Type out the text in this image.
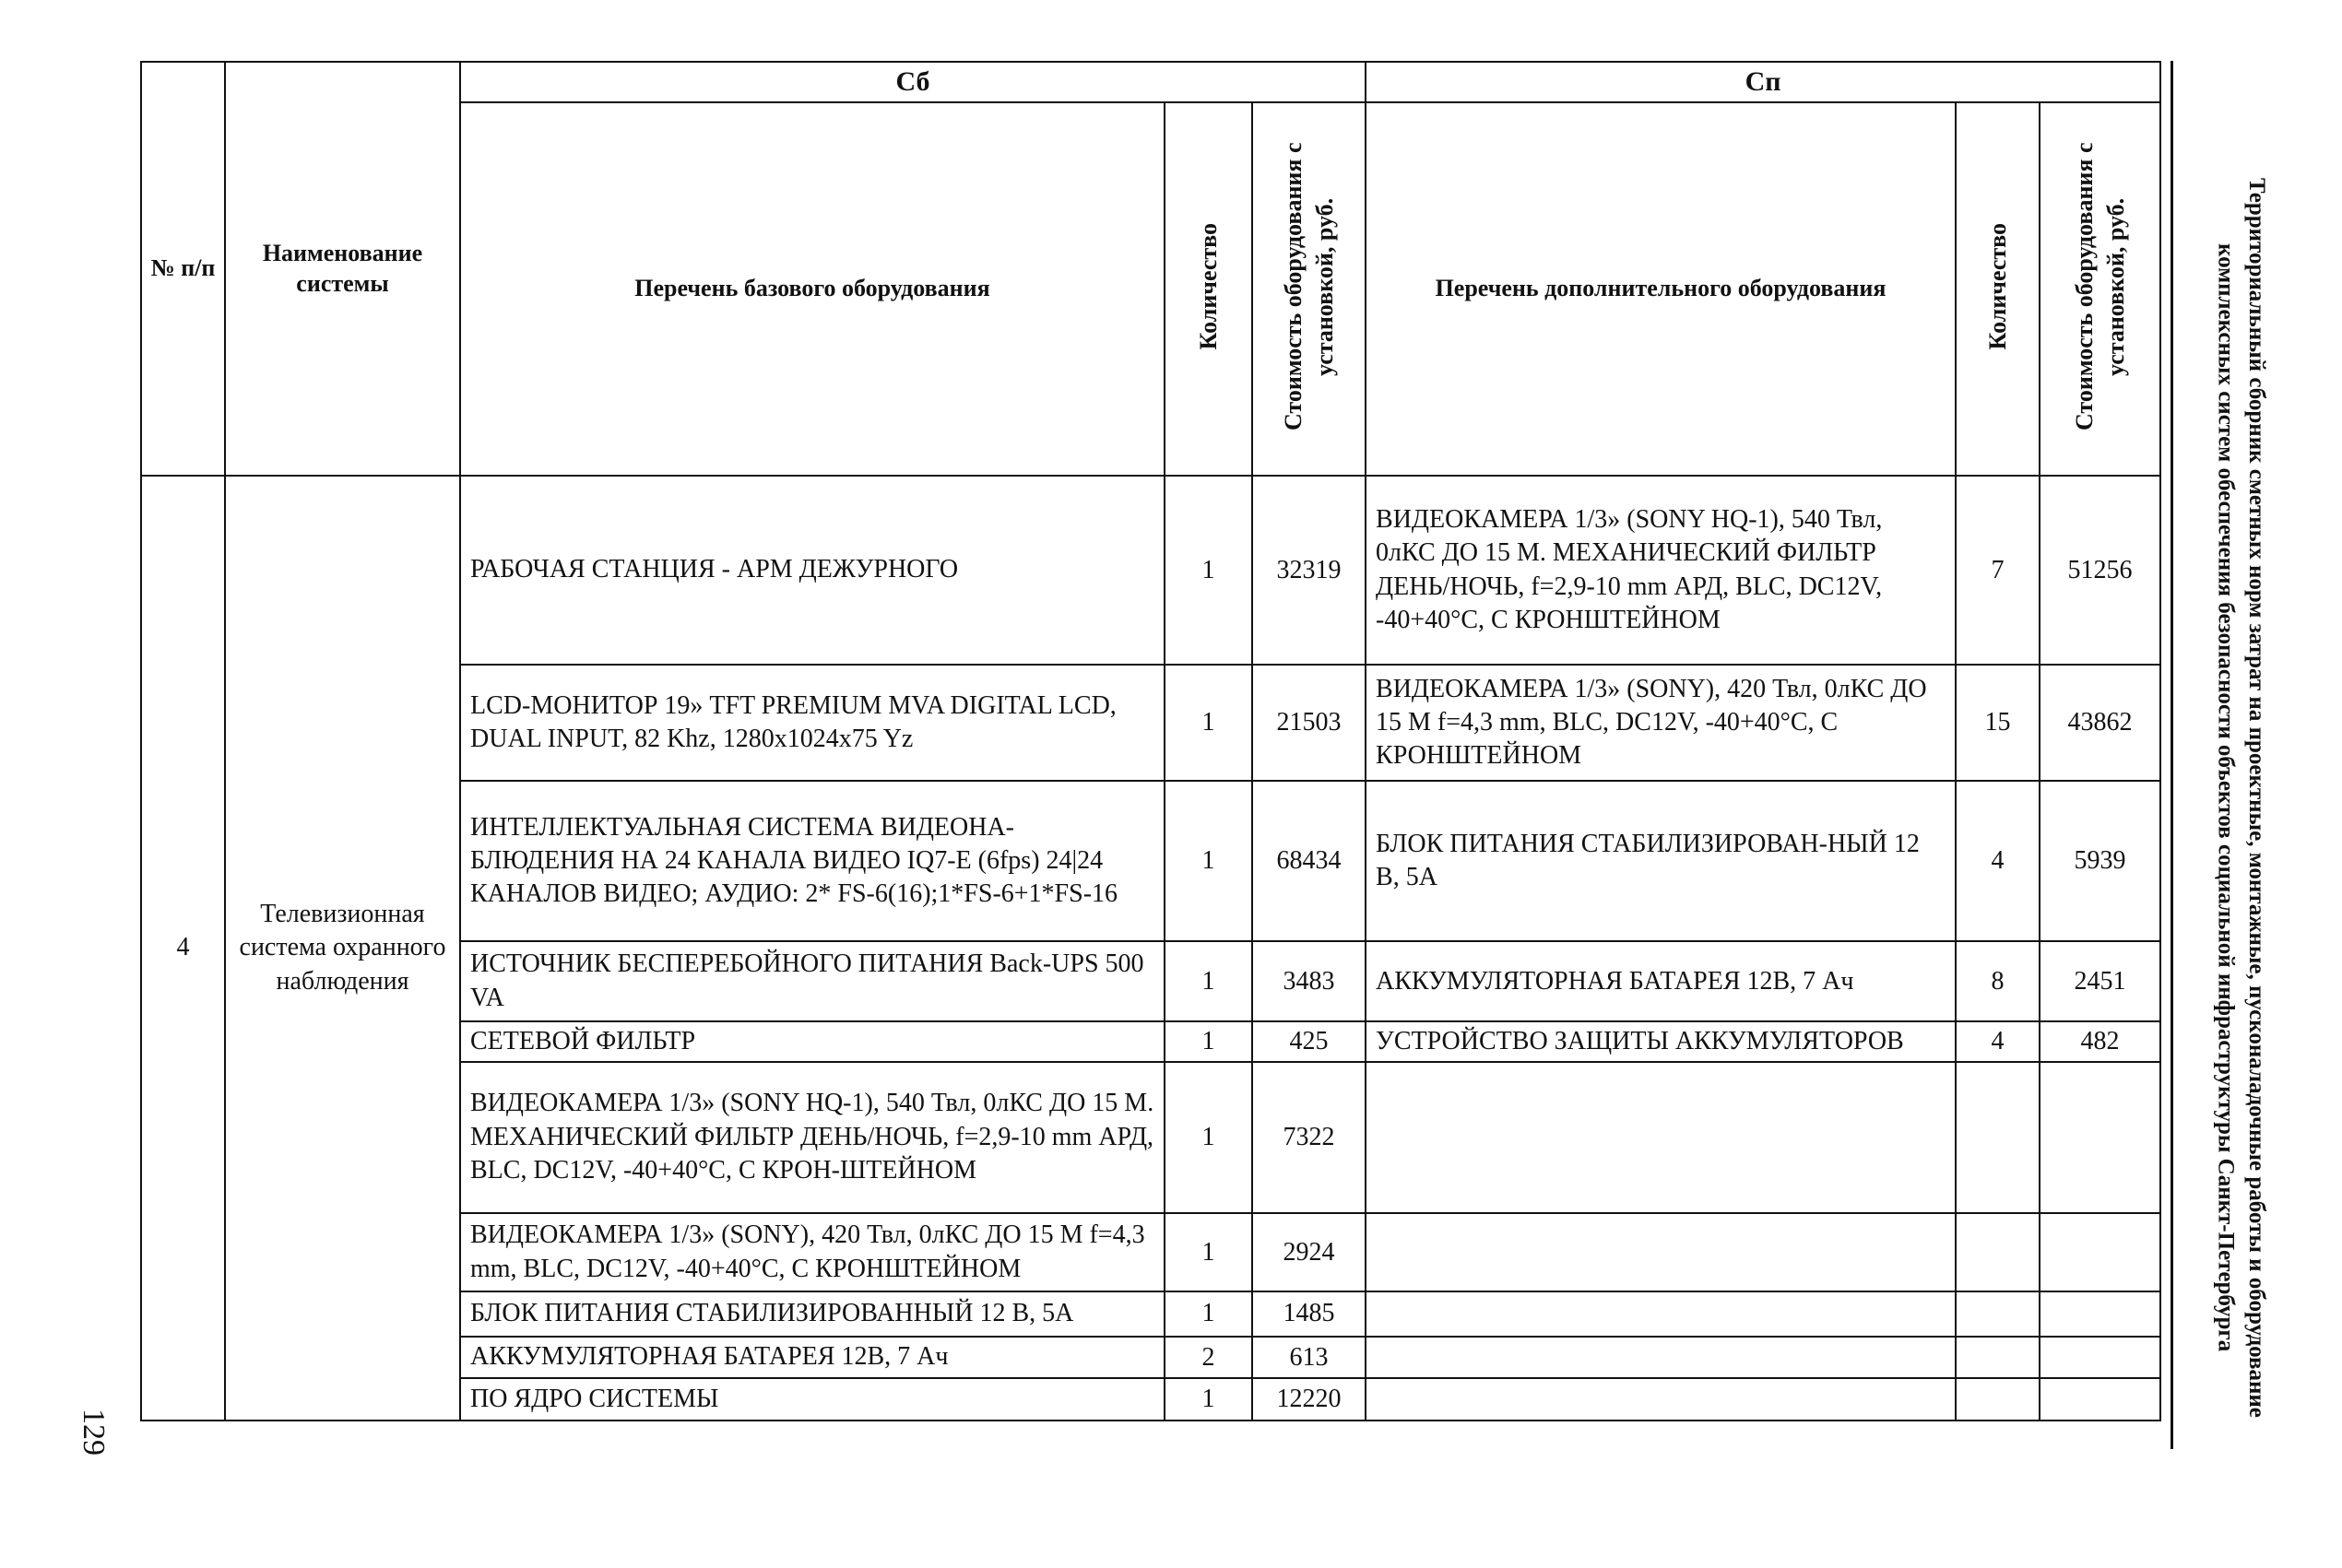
№ п/п	Наименование системы	Сб			Сп		
		Перечень базового оборудования	Количество	Стоимость оборудования с установкой, руб.	Перечень дополнительного оборудования	Количество	Стоимость оборудования с установкой, руб.
4	Телевизионная система охранного наблюдения	РАБОЧАЯ СТАНЦИЯ - АРМ ДЕЖУРНОГО	1	32319	ВИДЕОКАМЕРА 1/3» (SONY HQ-1), 540 Твл, 0лКС ДО 15 М. МЕХАНИЧЕСКИЙ ФИЛЬТР ДЕНЬ/НОЧЬ, f=2,9-10 mm АРД, BLC, DC12V, -40+40°С, С КРОНШТЕЙНОМ	7	51256
		LCD-МОНИТОР 19» TFT PREMIUM MVA DIGITAL LCD, DUAL INPUT, 82 Khz, 1280x1024x75 Yz	1	21503	ВИДЕОКАМЕРА 1/3» (SONY), 420 Твл, 0лКС ДО 15 М f=4,3 mm, BLC, DC12V, -40+40°С, С КРОНШТЕЙНОМ	15	43862
		ИНТЕЛЛЕКТУАЛЬНАЯ СИСТЕМА ВИДЕОНА-БЛЮДЕНИЯ НА 24 КАНАЛА ВИДЕО IQ7-E (6fps) 24|24 КАНАЛОВ ВИДЕО; АУДИО: 2* FS-6(16);1*FS-6+1*FS-16	1	68434	БЛОК ПИТАНИЯ СТАБИЛИЗИРОВАН-НЫЙ 12 В, 5А	4	5939
		ИСТОЧНИК БЕСПЕРЕБОЙНОГО ПИТАНИЯ Back-UPS 500 VA	1	3483	АККУМУЛЯТОРНАЯ БАТАРЕЯ 12В, 7 Ач	8	2451
		СЕТЕВОЙ ФИЛЬТР	1	425	УСТРОЙСТВО ЗАЩИТЫ АККУМУЛЯТОРОВ	4	482
		ВИДЕОКАМЕРА 1/3» (SONY HQ-1), 540 Твл, 0лКС ДО 15 М. МЕХАНИЧЕСКИЙ ФИЛЬТР ДЕНЬ/НОЧЬ, f=2,9-10 mm АРД, BLC, DC12V, -40+40°С, С КРОН-ШТЕЙНОМ	1	7322			
		ВИДЕОКАМЕРА 1/3» (SONY), 420 Твл, 0лКС ДО 15 М f=4,3 mm, BLC, DC12V, -40+40°С, С КРОНШТЕЙНОМ	1	2924			
		БЛОК ПИТАНИЯ СТАБИЛИЗИРОВАННЫЙ 12 В, 5А	1	1485			
		АККУМУЛЯТОРНАЯ БАТАРЕЯ 12В, 7 Ач	2	613			
		ПО ЯДРО СИСТЕМЫ	1	12220				Территориальный сборник сметных норм затрат на проектные, монтажные, пусконаладочные работы и оборудование комплексных систем обеспечения безопасности объектов социальной инфраструктуры Санкт-Петербурга
129
